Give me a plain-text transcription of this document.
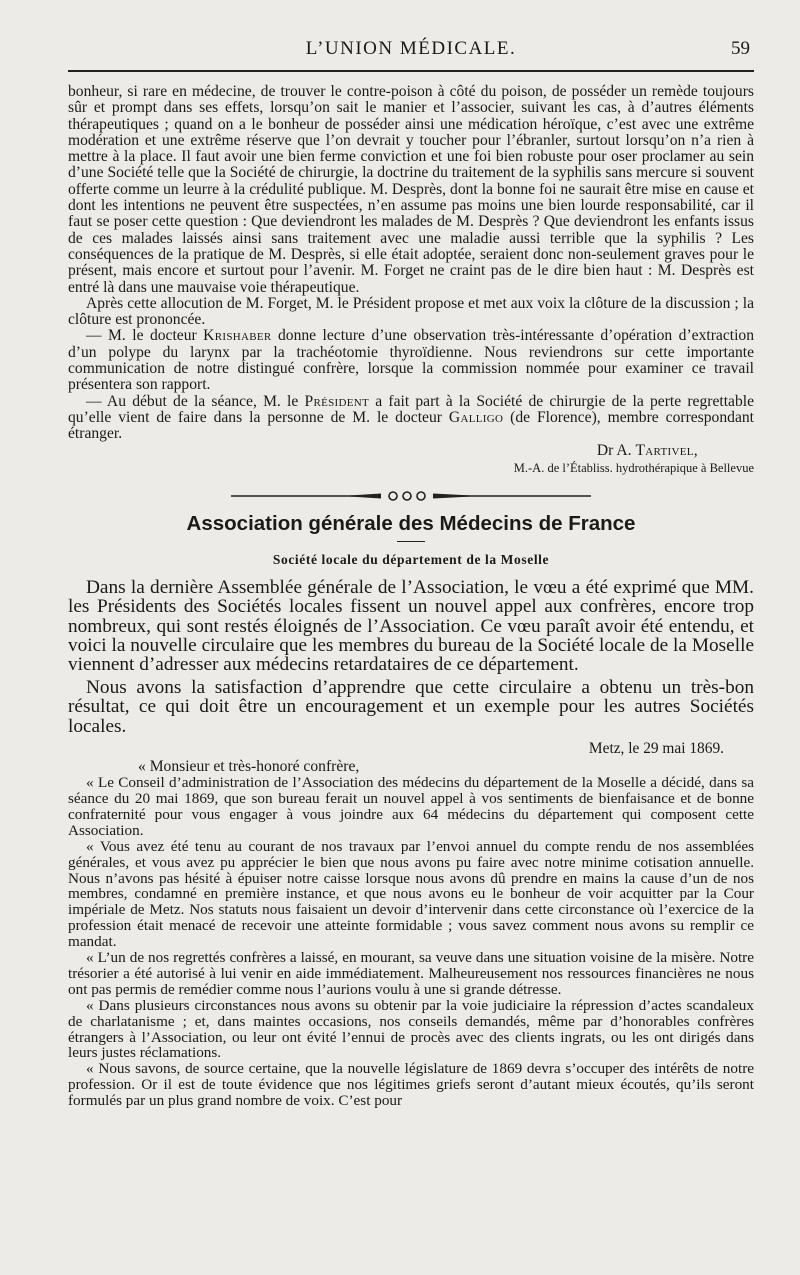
L’UNION MÉDICALE.	59

bonheur, si rare en médecine, de trouver le contre-poison à côté du poison, de posséder un remède toujours sûr et prompt dans ses effets, lorsqu’on sait le manier et l’associer, suivant les cas, à d’autres éléments thérapeutiques ; quand on a le bonheur de posséder ainsi une médication héroïque, c’est avec une extrême modération et une extrême réserve que l’on devrait y toucher pour l’ébranler, surtout lorsqu’on n’a rien à mettre à la place. Il faut avoir une bien ferme conviction et une foi bien robuste pour oser proclamer au sein d’une Société telle que la Société de chirurgie, la doctrine du traitement de la syphilis sans mercure si souvent offerte comme un leurre à la crédulité publique. M. Desprès, dont la bonne foi ne saurait être mise en cause et dont les intentions ne peuvent être suspectées, n’en assume pas moins une bien lourde responsabilité, car il faut se poser cette question : Que deviendront les malades de M. Desprès ? Que deviendront les enfants issus de ces malades laissés ainsi sans traitement avec une maladie aussi terrible que la syphilis ? Les conséquences de la pratique de M. Desprès, si elle était adoptée, seraient donc non-seulement graves pour le présent, mais encore et surtout pour l’avenir. M. Forget ne craint pas de le dire bien haut : M. Desprès est entré là dans une mauvaise voie thérapeutique.

Après cette allocution de M. Forget, M. le Président propose et met aux voix la clôture de la discussion ; la clôture est prononcée.

— M. le docteur Krishaber donne lecture d’une observation très-intéressante d’opération d’extraction d’un polype du larynx par la trachéotomie thyroïdienne. Nous reviendrons sur cette importante communication de notre distingué confrère, lorsque la commission nommée pour examiner ce travail présentera son rapport.

— Au début de la séance, M. le Président a fait part à la Société de chirurgie de la perte regrettable qu’elle vient de faire dans la personne de M. le docteur Galligo (de Florence), membre correspondant étranger.

Dr A. Tartivel,
M.-A. de l’Établiss. hydrothérapique à Bellevue
Association générale des Médecins de France
Société locale du département de la Moselle

Dans la dernière Assemblée générale de l’Association, le vœu a été exprimé que MM. les Présidents des Sociétés locales fissent un nouvel appel aux confrères, encore trop nombreux, qui sont restés éloignés de l’Association. Ce vœu paraît avoir été entendu, et voici la nouvelle circulaire que les membres du bureau de la Société locale de la Moselle viennent d’adresser aux médecins retardataires de ce département.

Nous avons la satisfaction d’apprendre que cette circulaire a obtenu un très-bon résultat, ce qui doit être un encouragement et un exemple pour les autres Sociétés locales.

Metz, le 29 mai 1869.

« Monsieur et très-honoré confrère,

« Le Conseil d’administration de l’Association des médecins du département de la Moselle a décidé, dans sa séance du 20 mai 1869, que son bureau ferait un nouvel appel à vos sentiments de bienfaisance et de bonne confraternité pour vous engager à vous joindre aux 64 médecins du département qui composent cette Association.

« Vous avez été tenu au courant de nos travaux par l’envoi annuel du compte rendu de nos assemblées générales, et vous avez pu apprécier le bien que nous avons pu faire avec notre minime cotisation annuelle. Nous n’avons pas hésité à épuiser notre caisse lorsque nous avons dû prendre en mains la cause d’un de nos membres, condamné en première instance, et que nous avons eu le bonheur de voir acquitter par la Cour impériale de Metz. Nos statuts nous faisaient un devoir d’intervenir dans cette circonstance où l’exercice de la profession était menacé de recevoir une atteinte formidable ; vous savez comment nous avons su remplir ce mandat.

« L’un de nos regrettés confrères a laissé, en mourant, sa veuve dans une situation voisine de la misère. Notre trésorier a été autorisé à lui venir en aide immédiatement. Malheureusement nos ressources financières ne nous ont pas permis de remédier comme nous l’aurions voulu à une si grande détresse.

« Dans plusieurs circonstances nous avons su obtenir par la voie judiciaire la répression d’actes scandaleux de charlatanisme ; et, dans maintes occasions, nos conseils demandés, même par d’honorables confrères étrangers à l’Association, ou leur ont évité l’ennui de procès avec des clients ingrats, ou les ont dirigés dans leurs justes réclamations.

« Nous savons, de source certaine, que la nouvelle législature de 1869 devra s’occuper des intérêts de notre profession. Or il est de toute évidence que nos légitimes griefs seront d’autant mieux écoutés, qu’ils seront formulés par un plus grand nombre de voix. C’est pour
